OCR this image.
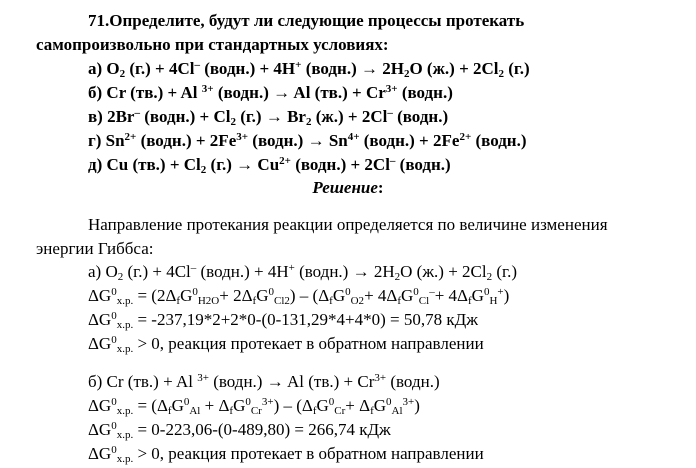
71.Определите, будут ли следующие процессы протекать
самопроизвольно при стандартных условиях:
а) $O_2$ (г.) + 4Cl– (водн.) + 4H+ (водн.) → $2H_2O$ $(ж.) + 2Cl_2$ (г.)
б) Cr (тв.) + Al $^{3+}$ (водн.) → Al $(тв.) + Cr^{3+}$ (водн.)
в) 2Br– (водн.) + $Cl_2$ $(г.) \to Br_2$ (ж.) + 2Cl– (водн.)
г) $Sn^{2+}$ (водн.) + $2Fe^{3+}$ (водн.) → $Sn^{4+}$ (водн.) + $2Fe^{2+}$ (водн.)
д) Cu $(тв.) + Cl_2$ $(г.) \to Cu^{2+}$ (водн.) + 2Cl– (водн.)
Решение:
Направление протекания реакции определяется по величине изменения
энергии Гиббса:
а) $O_2$ (г.) + 4Cl– (водн.) + 4H+ (водн.) → $2H_2O$ $(ж.) + 2Cl_2$ (г.)
$\Delta G^0_{х.р.} = (2\Delta_fG^0_{H2O}+ 2\Delta_fG^0_{Cl2}) - (\Delta_fG^0_{O2}+ 4\Delta_fG^0_{Cl}^-+ 4\Delta_fG^0_H^+)$
$\Delta G^0_{х.р.} = -237,19*2+2*0-(0-131,29*4+4*0) = 50,78$ кДж
$\Delta G^0_{х.р.} > 0$, реакция протекает в обратном направлении
б) Cr (тв.) + Al $^{3+}$ (водн.) → Al $(тв.) + Cr^{3+}$ (водн.)
$\Delta G^0_{х.р.} = (\Delta_fG^0_{Al} + \Delta_fG^0_{Cr}^{3+}) - (\Delta_fG^0_{Cr}+ \Delta_fG^0_{Al}^{3+})$
$\Delta G^0_{х.р.} = 0-223,06-(0-489,80) = 266,74$ кДж
$\Delta G^0_{х.р.} > 0$, реакция протекает в обратном направлении
